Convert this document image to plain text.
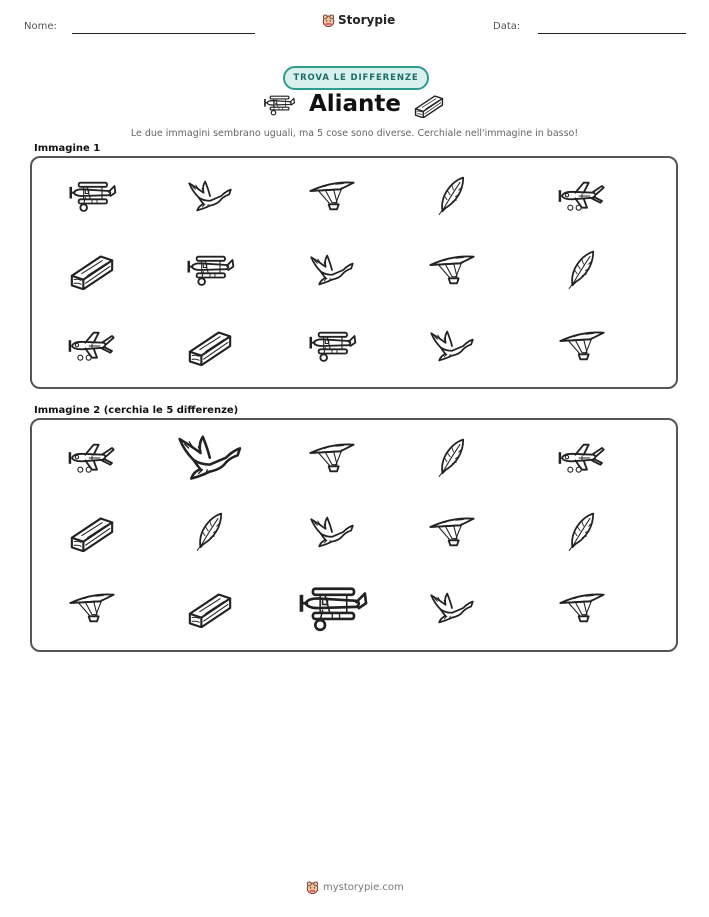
Nome:	Storypie	Data:
TROVA LE DIFFERENZE
Aliante
Le due immagini sembrano uguali, ma 5 cose sono diverse. Cerchiale nell'immagine in basso!
Immagine 1
Immagine 2 (cerchia le 5 differenze)
mystorypie.com
